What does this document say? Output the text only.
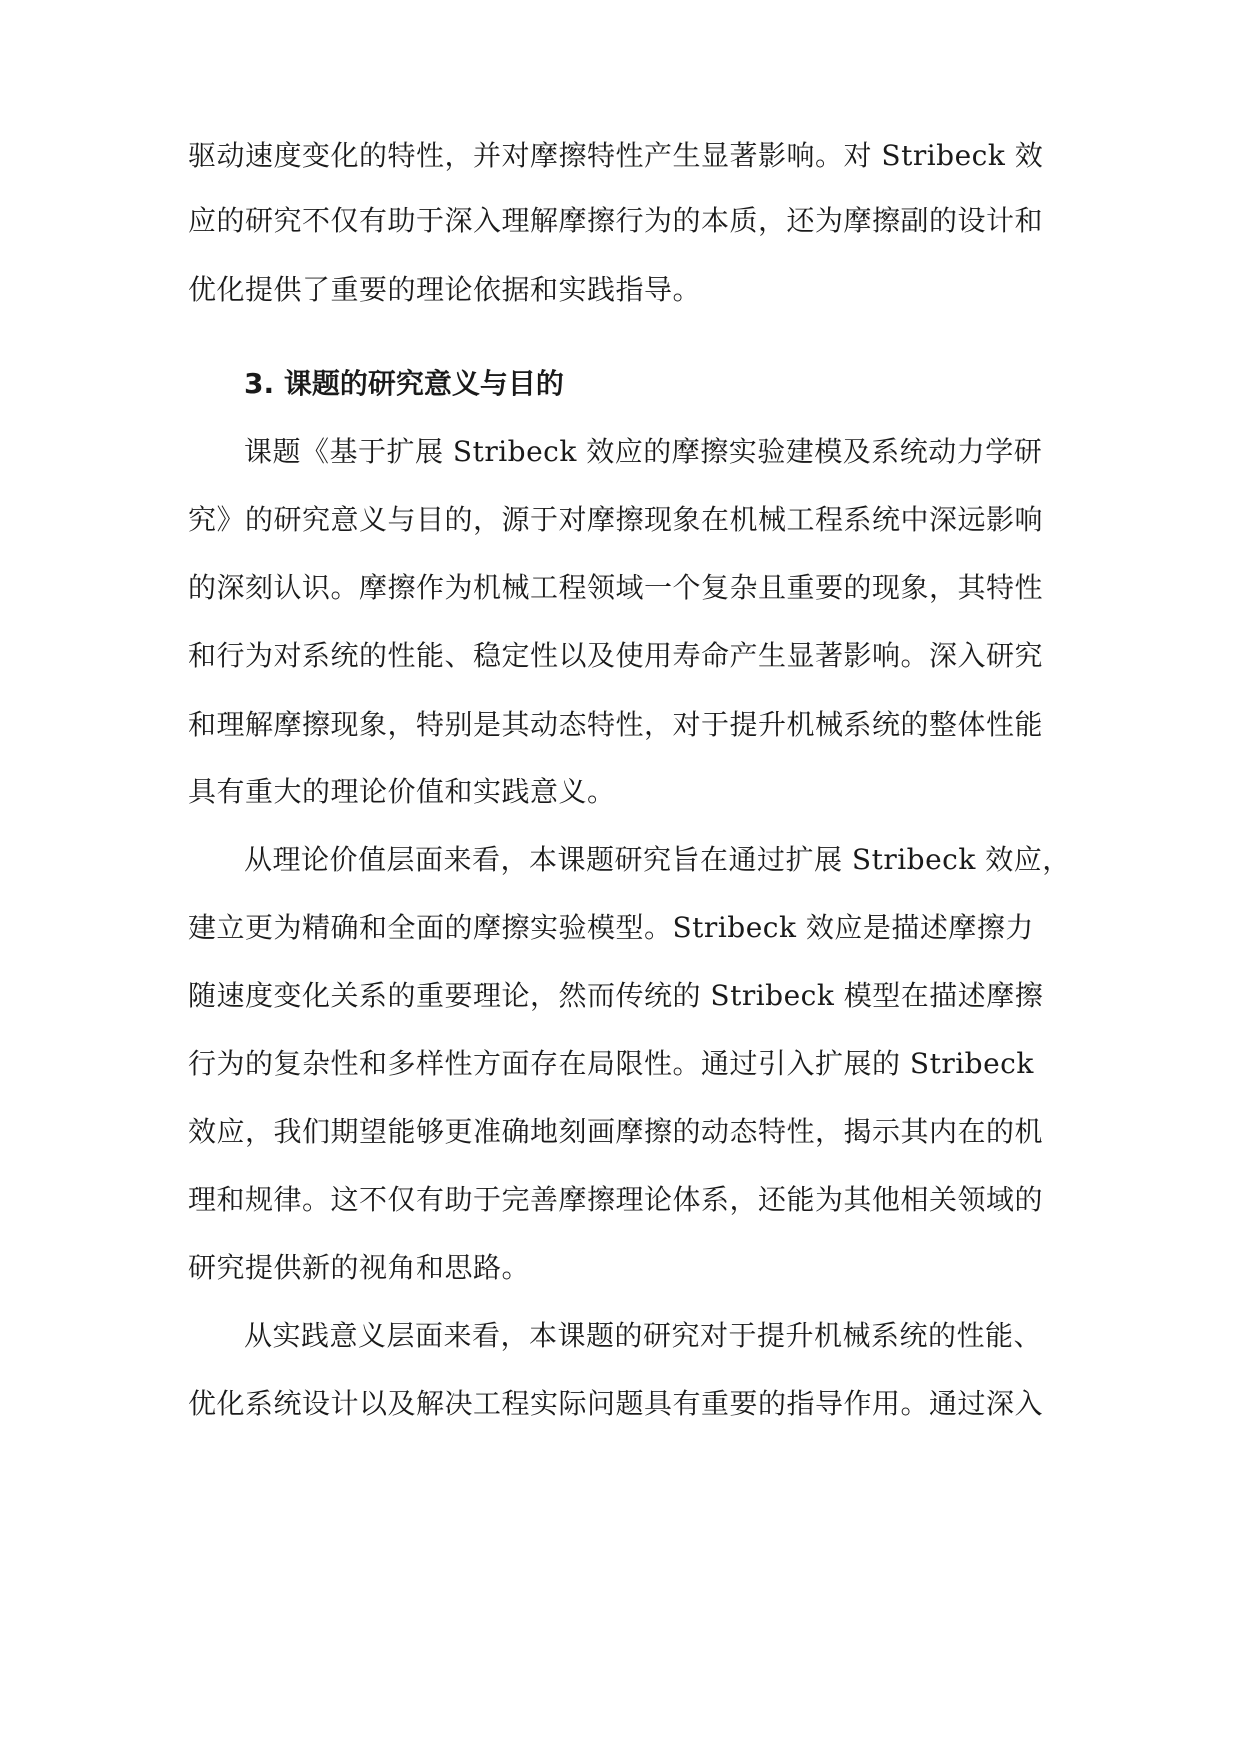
驱动速度变化的特性，并对摩擦特性产生显著影响。对 Stribeck 效
应的研究不仅有助于深入理解摩擦行为的本质，还为摩擦副的设计和
优化提供了重要的理论依据和实践指导。
3. 课题的研究意义与目的
课题《基于扩展 Stribeck 效应的摩擦实验建模及系统动力学研
究》的研究意义与目的，源于对摩擦现象在机械工程系统中深远影响
的深刻认识。摩擦作为机械工程领域一个复杂且重要的现象，其特性
和行为对系统的性能、稳定性以及使用寿命产生显著影响。深入研究
和理解摩擦现象，特别是其动态特性，对于提升机械系统的整体性能
具有重大的理论价值和实践意义。
从理论价值层面来看，本课题研究旨在通过扩展 Stribeck 效应，
建立更为精确和全面的摩擦实验模型。Stribeck 效应是描述摩擦力
随速度变化关系的重要理论，然而传统的 Stribeck 模型在描述摩擦
行为的复杂性和多样性方面存在局限性。通过引入扩展的 Stribeck
效应，我们期望能够更准确地刻画摩擦的动态特性，揭示其内在的机
理和规律。这不仅有助于完善摩擦理论体系，还能为其他相关领域的
研究提供新的视角和思路。
从实践意义层面来看，本课题的研究对于提升机械系统的性能、
优化系统设计以及解决工程实际问题具有重要的指导作用。通过深入
